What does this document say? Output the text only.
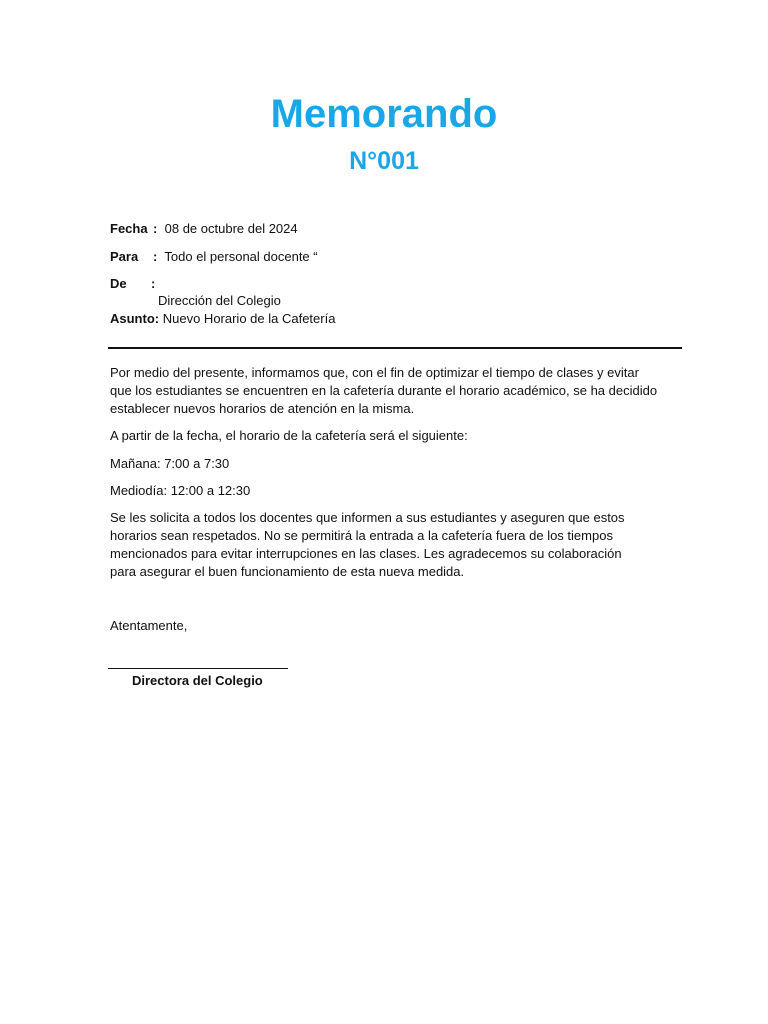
Memorando
N°001
Fecha : 08 de octubre del 2024
Para : Todo el personal docente “
De :
Dirección del Colegio
Asunto: Nuevo Horario de la Cafetería

Por medio del presente, informamos que, con el fin de optimizar el tiempo de clases y evitar que los estudiantes se encuentren en la cafetería durante el horario académico, se ha decidido establecer nuevos horarios de atención en la misma.

A partir de la fecha, el horario de la cafetería será el siguiente:

Mañana: 7:00 a 7:30

Mediodía: 12:00 a 12:30

Se les solicita a todos los docentes que informen a sus estudiantes y aseguren que estos horarios sean respetados. No se permitirá la entrada a la cafetería fuera de los tiempos mencionados para evitar interrupciones en las clases. Les agradecemos su colaboración para asegurar el buen funcionamiento de esta nueva medida.

Atentamente,

Directora del Colegio
